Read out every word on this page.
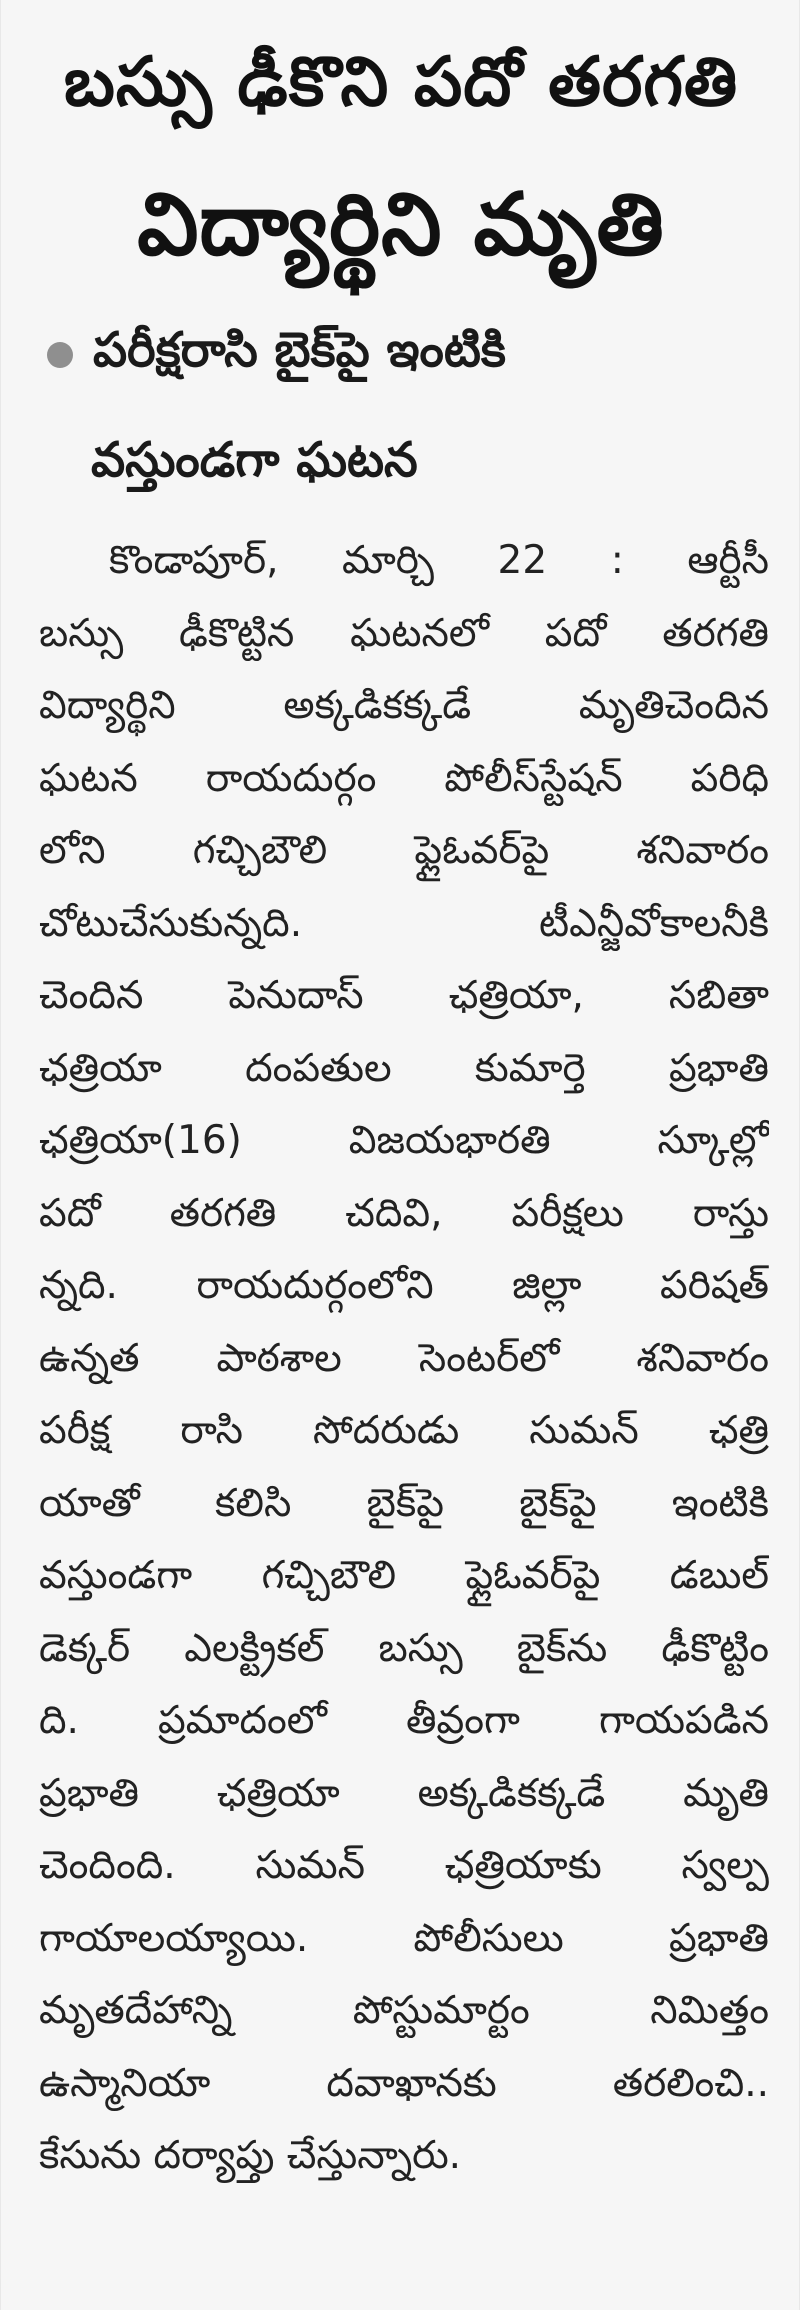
బస్సు ఢీకొని పదో తరగతి
విద్యార్థిని మృతి
పరీక్షరాసి బైక్‌పై ఇంటికి
వస్తుండగా ఘటన
కొండాపూర్, మార్చి 22 : ఆర్టీసీ
బస్సు ఢీకొట్టిన ఘటనలో పదో తరగతి
విద్యార్థిని అక్కడికక్కడే మృతిచెందిన
ఘటన రాయదుర్గం పోలీస్‌స్టేషన్ పరిధి
లోని గచ్చిబౌలి ఫ్లైఓవర్‌పై శనివారం
చోటుచేసుకున్నది. టీఎన్జీవోకాలనీకి
చెందిన పెనుదాస్ ఛత్రియా, సబితా
ఛత్రియా దంపతుల కుమార్తె ప్రభాతి
ఛత్రియా(16) విజయభారతి స్కూల్లో
పదో తరగతి చదివి, పరీక్షలు రాస్తు
న్నది. రాయదుర్గంలోని జిల్లా పరిషత్
ఉన్నత పాఠశాల సెంటర్‌లో శనివారం
పరీక్ష రాసి సోదరుడు సుమన్ ఛత్రి
యాతో కలిసి బైక్‌పై బైక్‌పై ఇంటికి
వస్తుండగా గచ్చిబౌలి ఫ్లైఓవర్‌పై డబుల్
డెక్కర్ ఎలక్ట్రికల్ బస్సు బైక్‌ను ఢీకొట్టిం
ది. ప్రమాదంలో తీవ్రంగా గాయపడిన
ప్రభాతి ఛత్రియా అక్కడికక్కడే మృతి
చెందింది. సుమన్ ఛత్రియాకు స్వల్ప
గాయాలయ్యాయి. పోలీసులు ప్రభాతి
మృతదేహాన్ని పోస్టుమార్టం నిమిత్తం
ఉస్మానియా దవాఖానకు తరలించి..
కేసును దర్యాప్తు చేస్తున్నారు.
